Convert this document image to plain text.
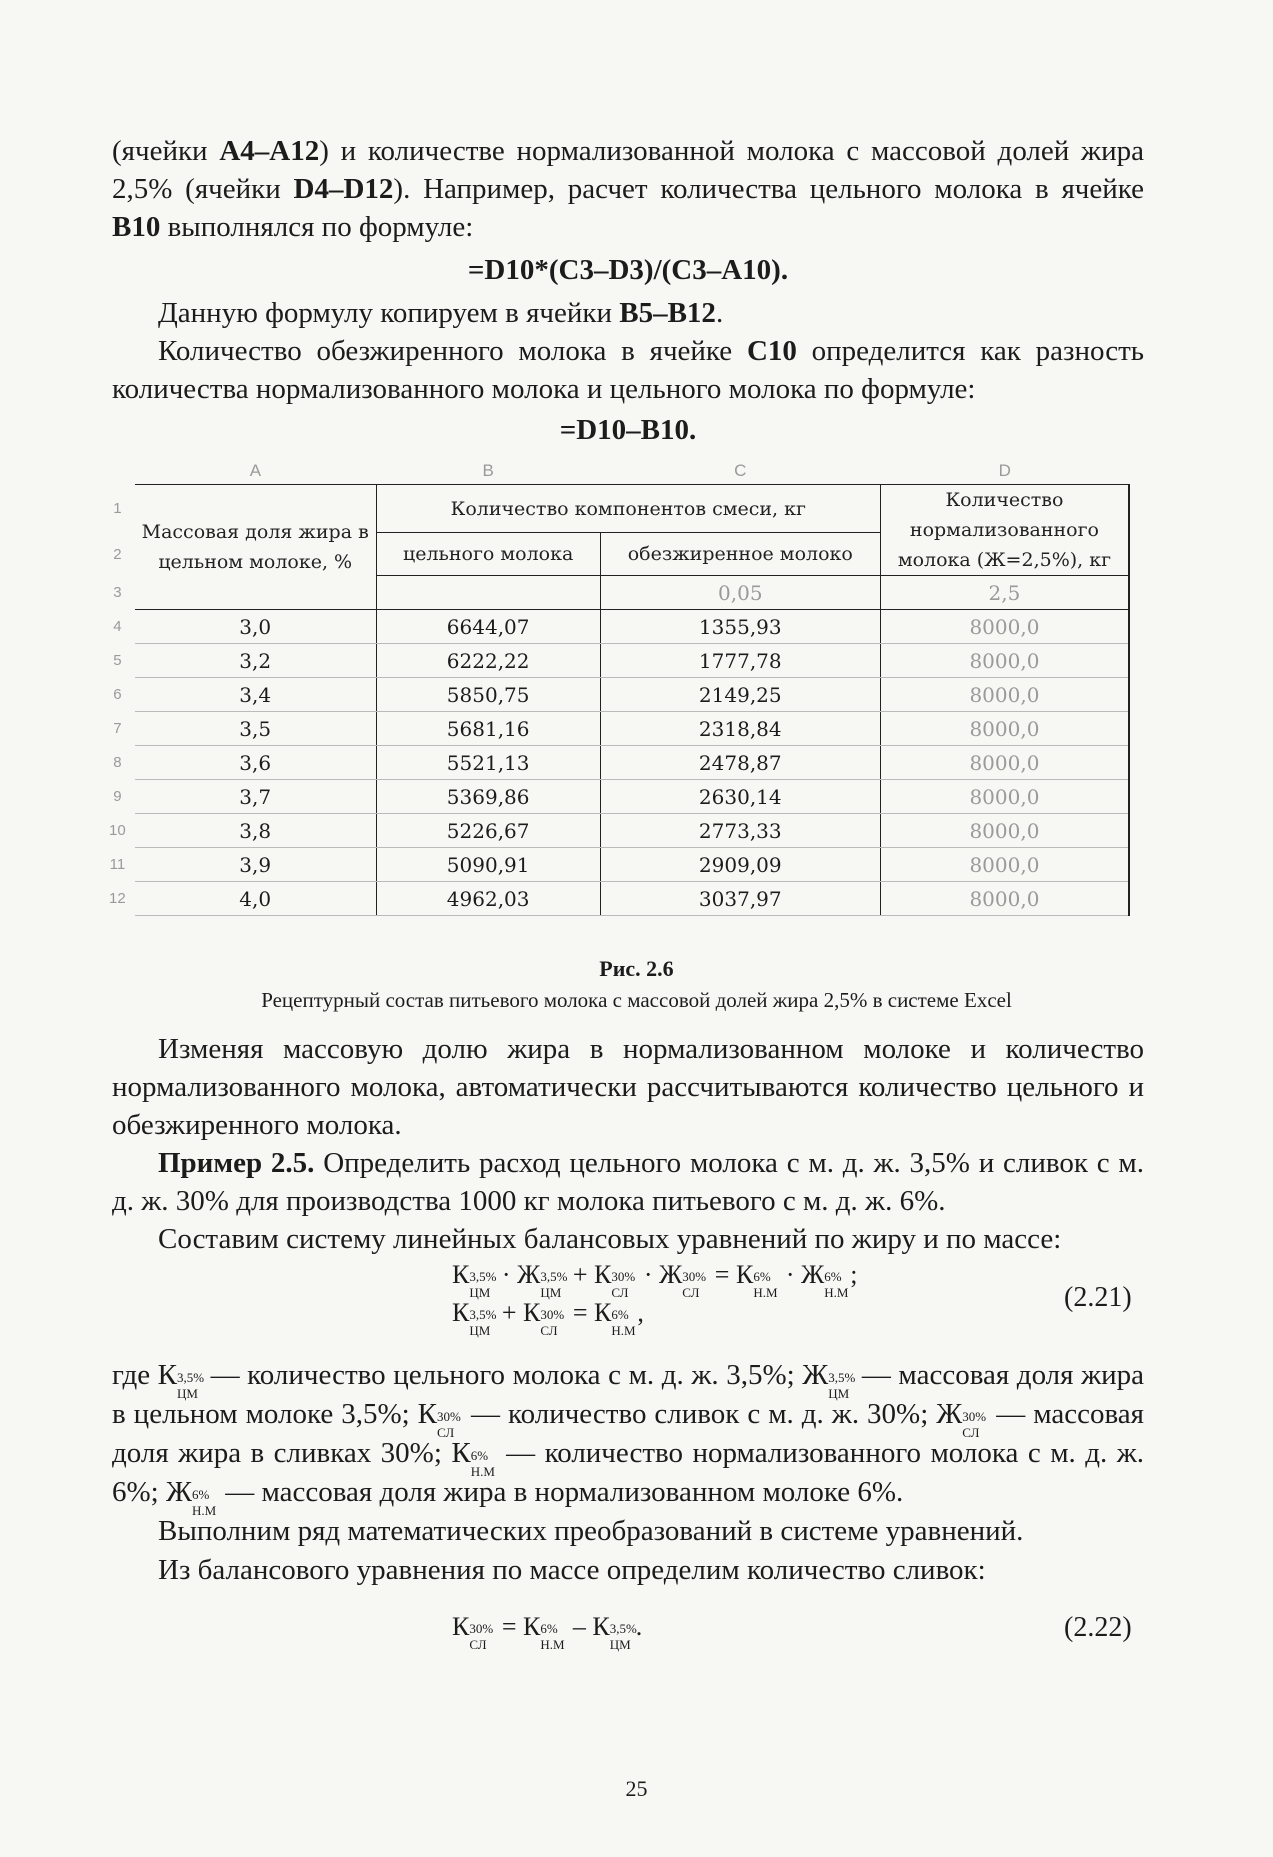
(ячейки A4–A12) и количестве нормализованной молока с массовой долей жира 2,5% (ячейки D4–D12). Например, расчет количества цельного молока в ячейке B10 выполнялся по формуле:

=D10*(C3–D3)/(C3–A10).

Данную формулу копируем в ячейки B5–B12.

Количество обезжиренного молока в ячейке C10 определится как разность количества нормализованного молока и цельного молока по формуле:

=D10–B10.

	A	B	C	D
1	Массовая доля жира в цельном молоке, %	Количество компонентов смеси, кг		Количество нормализованного молока (Ж=2,5%), кг
2		цельного молока	обезжиренное молоко	
3			0,05	2,5
4	3,0	6644,07	1355,93	8000,0
5	3,2	6222,22	1777,78	8000,0
6	3,4	5850,75	2149,25	8000,0
7	3,5	5681,16	2318,84	8000,0
8	3,6	5521,13	2478,87	8000,0
9	3,7	5369,86	2630,14	8000,0
10	3,8	5226,67	2773,33	8000,0
11	3,9	5090,91	2909,09	8000,0
12	4,0	4962,03	3037,97	8000,0
Рис. 2.6
Рецептурный состав питьевого молока с массовой долей жира 2,5% в системе Excel

Изменяя массовую долю жира в нормализованном молоке и количество нормализованного молока, автоматически рассчитываются количество цельного и обезжиренного молока.

Пример 2.5. Определить расход цельного молока с м. д. ж. 3,5% и сливок с м. д. ж. 30% для производства 1000 кг молока питьевого с м. д. ж. 6%.

Составим систему линейных балансовых уравнений по жиру и по массе:

К 3,5%
ЦМ
· Ж 3,5%
ЦМ
+ К 30%
СЛ
· Ж 30%
СЛ
= К 6%
Н.М
· Ж 6%
Н.М
;
К 3,5%
ЦМ
+ К 30%
СЛ
= К 6%
Н.М
,	(2.21)

где К 3,5%
ЦМ
— количество цельного молока с м. д. ж. 3,5%; Ж 3,5%
ЦМ
— массовая доля жира в цельном молоке 3,5%; К 30%
СЛ
— количество сливок с м. д. ж. 30%; Ж 30%
СЛ
— массовая доля жира в сливках 30%; К 6%
Н.М
— количество нормализованного молока с м. д. ж. 6%; Ж 6%
Н.М
— массовая доля жира в нормализованном молоке 6%.

Выполним ряд математических преобразований в системе уравнений.

Из балансового уравнения по массе определим количество сливок:

К 30%
СЛ
= К 6%
Н.М
– К 3,5%
ЦМ
.	(2.22)
25
